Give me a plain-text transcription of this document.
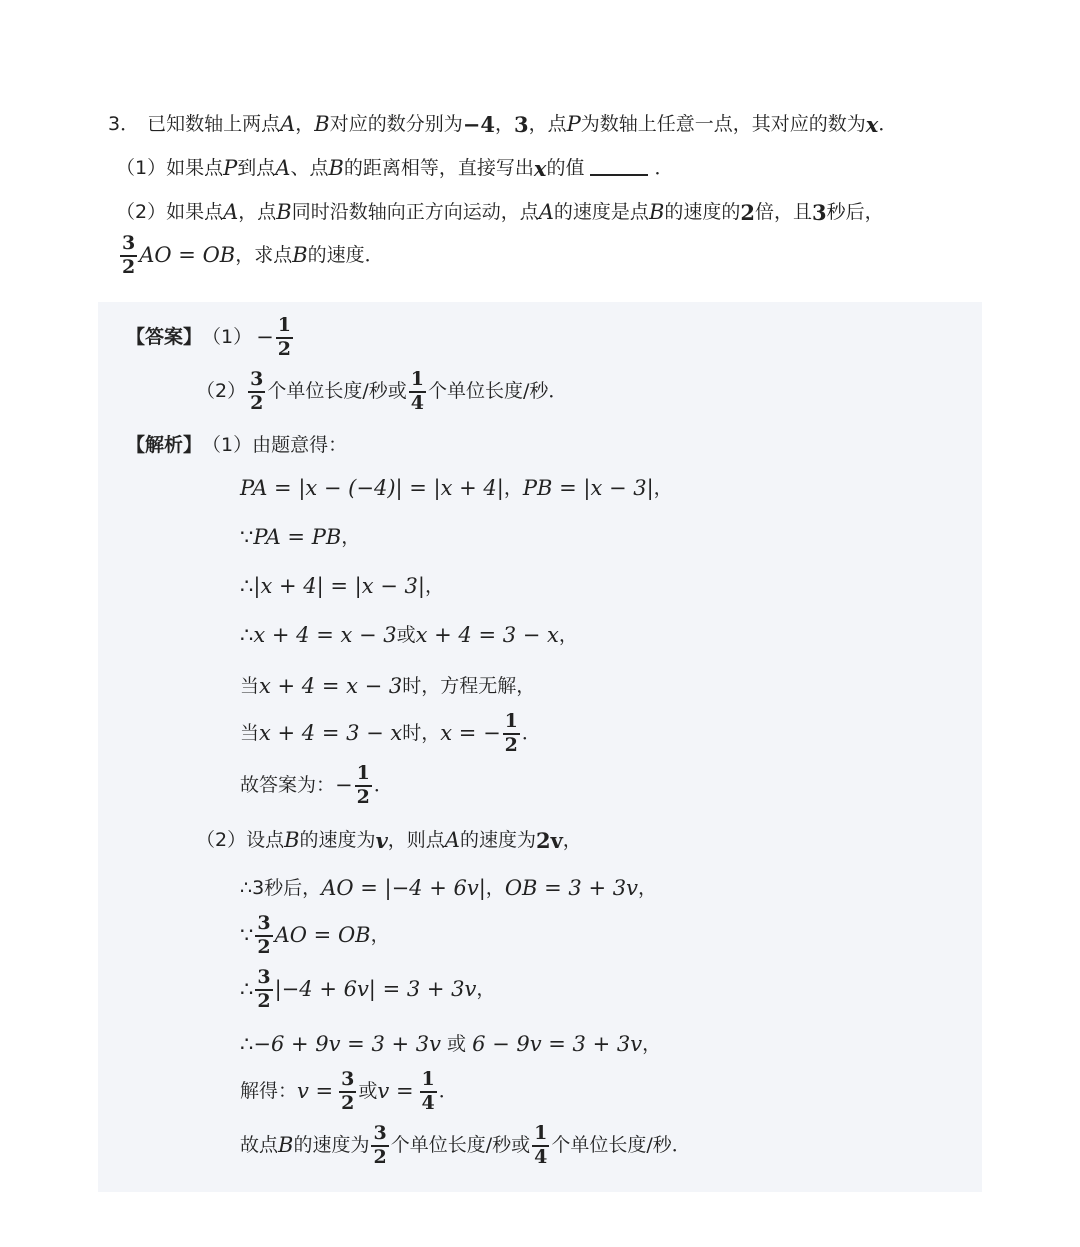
3． 已知数轴上两点 A ， B 对应的数分别为 −4 ， 3 ，点 P 为数轴上任意一点，其对应的数为 x ．
（1） 如果点 P 到点 A 、点 B 的距离相等，直接写出 x 的值	．
（2） 如果点 A ，点 B 同时沿数轴向正方向运动，点 A 的速度是点 B 的速度的 2 倍，且 3 秒后，
$\frac{3}{2}$ AO = OB ，求点 B 的速度．
【答案】 $(1) - \frac{1}{2}$
$(2) \frac{3}{2}$ 个单位长度/秒或 $\frac{1}{4}$ 个单位长度/秒．
【解析】 （1） 由题意得：
PA = |x − (−4)| = |x + 4| ， PB = |x − 3| ，
∵ PA = PB ，
∴ |x + 4| = |x − 3| ，
∴ x + 4 = x − 3 或 x + 4 = 3 − x ，
当 x + 4 = x − 3 时，方程无解，
当 x + 4 = 3 − x 时， x = − $\frac{1}{2}$ ．
故答案为： − $\frac{1}{2}$ ．
（2） 设点 B 的速度为 v ，则点 A 的速度为 2v ，
∴3秒后， AO = |−4 + 6v| ， OB = 3 + 3v ，
∵ $\frac{3}{2}$ AO = OB ，
∴ $\frac{3}{2} |-4 + 6v| = 3 + 3v$ ，
∴ −6 + 9v = 3 + 3v 或 6 − 9v = 3 + 3v ，
解得： $v = \frac{3}{2}$ 或 $v = \frac{1}{4}$ ．
故点 B 的速度为 $\frac{3}{2}$ 个单位长度/秒或 $\frac{1}{4}$ 个单位长度/秒．
